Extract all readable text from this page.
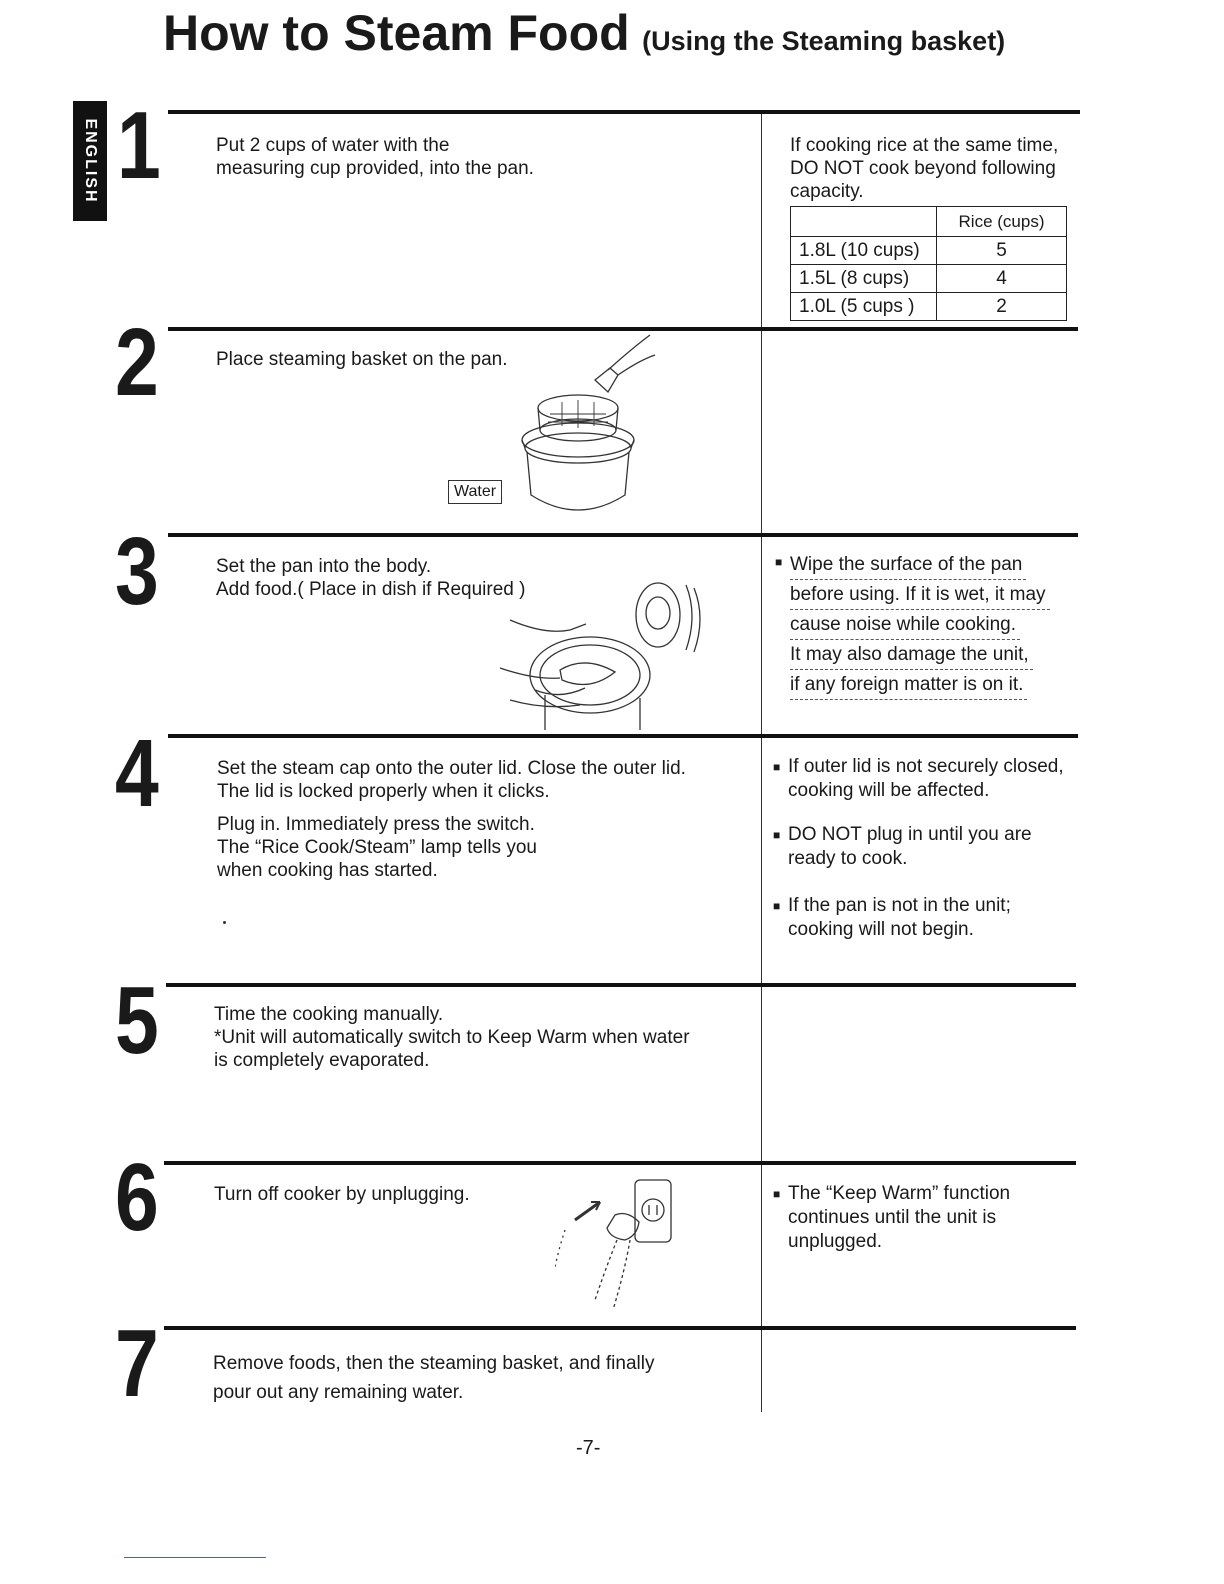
How to Steam Food (Using the Steaming basket)
ENGLISH 1
2
3
4
5
6
7
Put 2 cups of water with the
measuring cup provided, into the pan.
If cooking rice at the same time,
DO NOT cook beyond following
capacity.
	Rice (cups)
1.8L (10 cups)	5
1.5L (8 cups)	4
1.0L (5 cups )	2
Place steaming basket on the pan.
Water
Set the pan into the body.
Add food.( Place in dish if Required )
■ Wipe the surface of the pan
before using. If it is wet, it may
cause noise while cooking.
It may also damage the unit,
if any foreign matter is on it.
Set the steam cap onto the outer lid. Close the outer lid.
The lid is locked properly when it clicks.
Plug in. Immediately press the switch.
The “Rice Cook/Steam” lamp tells you
when cooking has started.
■ If outer lid is not securely closed,
cooking will be affected.
■ DO NOT plug in until you are
ready to cook.
■ If the pan is not in the unit;
cooking will not begin.
Time the cooking manually.
*Unit will automatically switch to Keep Warm when water
is completely evaporated.
Turn off cooker by unplugging.	■ The “Keep Warm” function
continues until the unit is
unplugged.
Remove foods, then the steaming basket, and finally
pour out any remaining water.
-7-
